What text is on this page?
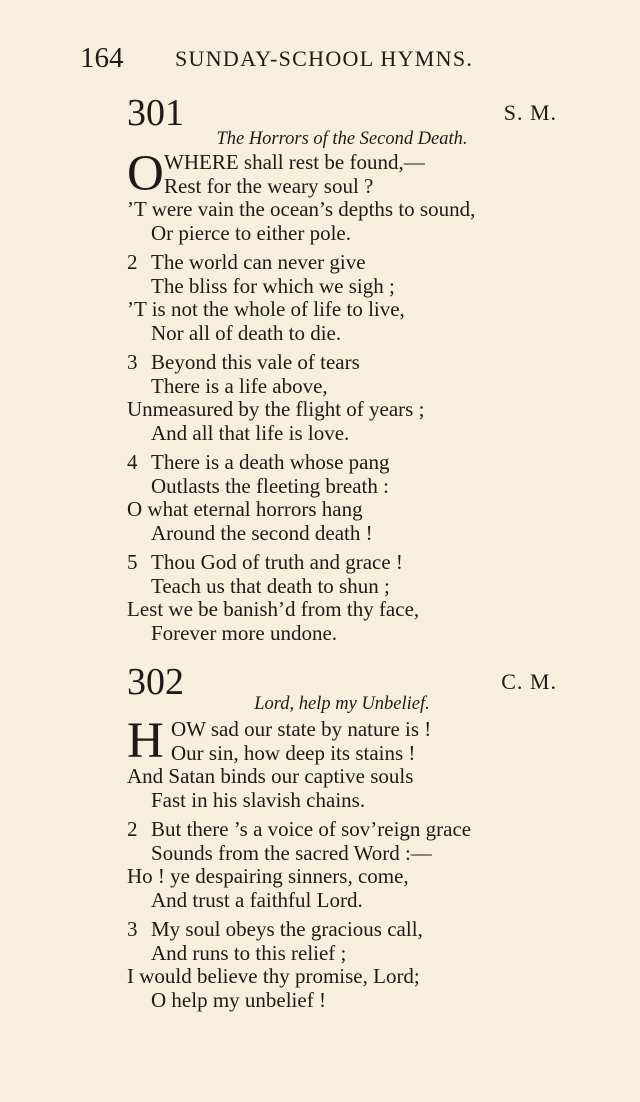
164 SUNDAY-SCHOOL HYMNS.
301	S. M.
The Horrors of the Second Death.
O WHERE shall rest be found,—
Rest for the weary soul ?
’T were vain the ocean’s depths to sound,
Or pierce to either pole.
2 The world can never give
The bliss for which we sigh ;
’T is not the whole of life to live,
Nor all of death to die.
3 Beyond this vale of tears
There is a life above,
Unmeasured by the flight of years ;
And all that life is love.
4 There is a death whose pang
Outlasts the fleeting breath :
O what eternal horrors hang
Around the second death !
5 Thou God of truth and grace !
Teach us that death to shun ;
Lest we be banish’d from thy face,
Forever more undone.
302	C. M.
Lord, help my Unbelief.
H OW sad our state by nature is !
Our sin, how deep its stains !
And Satan binds our captive souls
Fast in his slavish chains.
2 But there ’s a voice of sov’reign grace
Sounds from the sacred Word :—
Ho ! ye despairing sinners, come,
And trust a faithful Lord.
3 My soul obeys the gracious call,
And runs to this relief ;
I would believe thy promise, Lord;
O help my unbelief !
